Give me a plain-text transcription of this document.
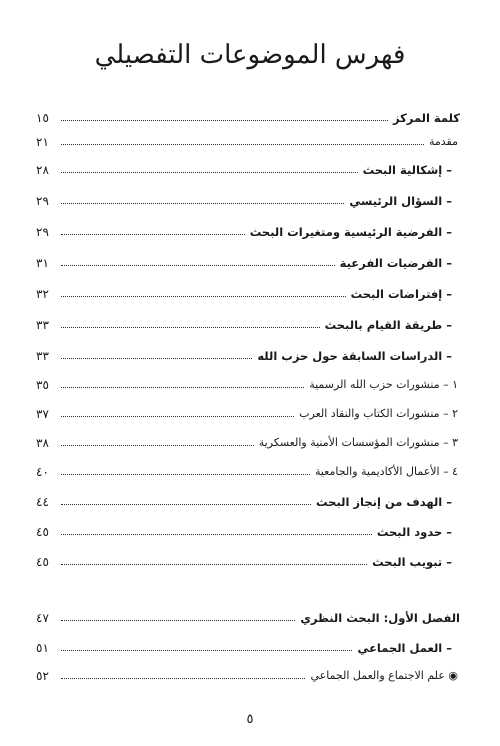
فهرس الموضوعات التفصيلي
كلمة المركز
١٥
مقدمة
٢١
– إشكالية البحث
٢٨
– السؤال الرئيسي
٢٩
– الفرضية الرئيسية ومتغيرات البحث
٢٩
– الفرضيات الفرعية
٣١
– إفتراضات البحث
٣٢
– طريقة القيام بالبحث
٣٣
– الدراسات السابقة حول حزب الله
٣٣
١ – منشورات حزب الله الرسمية
٣٥
٢ – منشورات الكتاب والنقاد العرب
٣٧
٣ – منشورات المؤسسات الأمنية والعسكرية
٣٨
٤ – الأعمال الأكاديمية والجامعية
٤٠
– الهدف من إنجاز البحث
٤٤
– حدود البحث
٤٥
– تبويب البحث
٤٥
الفصل الأول: البحث النظري
٤٧
– العمل الجماعي
٥١
◉ علم الاجتماع والعمل الجماعي
٥٢
٥
